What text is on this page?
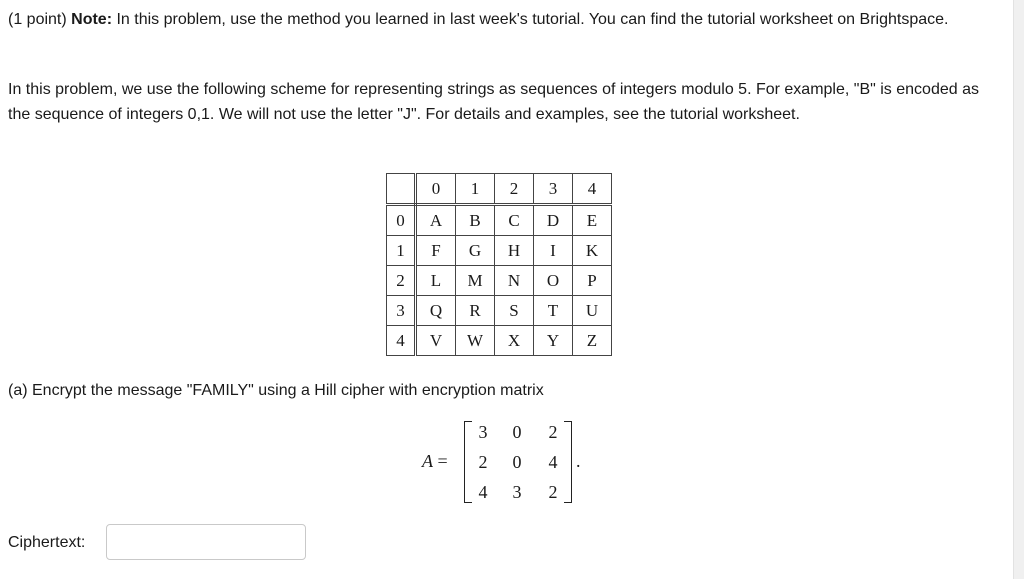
(1 point) Note: In this problem, use the method you learned in last week's tutorial. You can find the tutorial worksheet on Brightspace.
In this problem, we use the following scheme for representing strings as sequences of integers modulo 5. For example, "B" is encoded as the sequence of integers 0,1. We will not use the letter "J". For details and examples, see the tutorial worksheet.
	0	1	2	3	4
0	A	B	C	D	E
1	F	G	H	I	K
2	L	M	N	O	P
3	Q	R	S	T	U
4	V	W	X	Y	Z
(a) Encrypt the message "FAMILY" using a Hill cipher with encryption matrix
A =
3	0	2
2	0	4
4	3	2
.
Ciphertext:
